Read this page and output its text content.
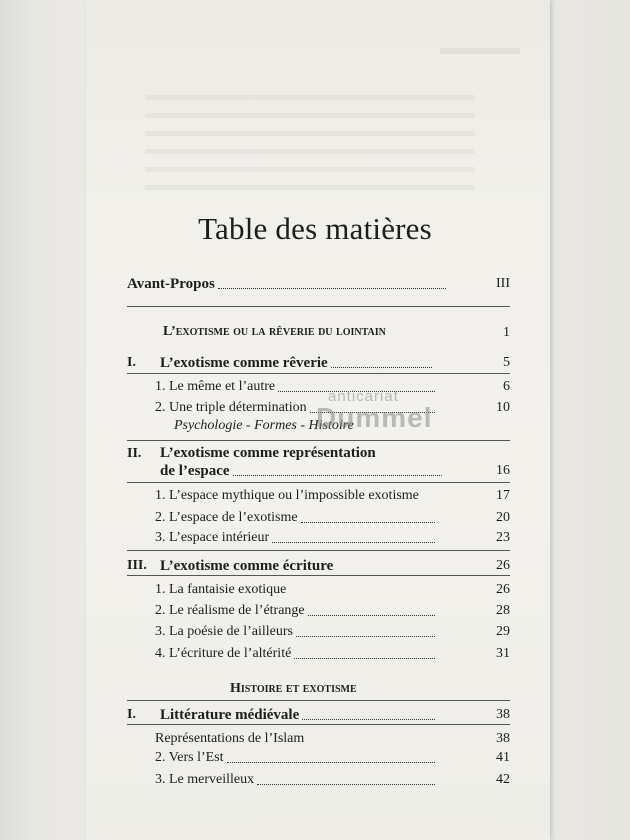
Table des matières
Avant-Propos	III
L’exotisme ou la rêverie du lointain	1
I. L’exotisme comme rêverie	5
1. Le même et l’autre	6
2. Une triple détermination	10
Psychologie - Formes - Histoire
II. L’exotisme comme représentation
de l’espace	16
1. L’espace mythique ou l’impossible exotisme	17
2. L’espace de l’exotisme	20
3. L’espace intérieur	23
III. L’exotisme comme écriture	26
1. La fantaisie exotique	26
2. Le réalisme de l’étrange	28
3. La poésie de l’ailleurs	29
4. L’écriture de l’altérité	31
Histoire et exotisme
I. Littérature médiévale	38
Représentations de l’Islam	38
2. Vers l’Est	41
3. Le merveilleux	42
anticariat
Dummel
